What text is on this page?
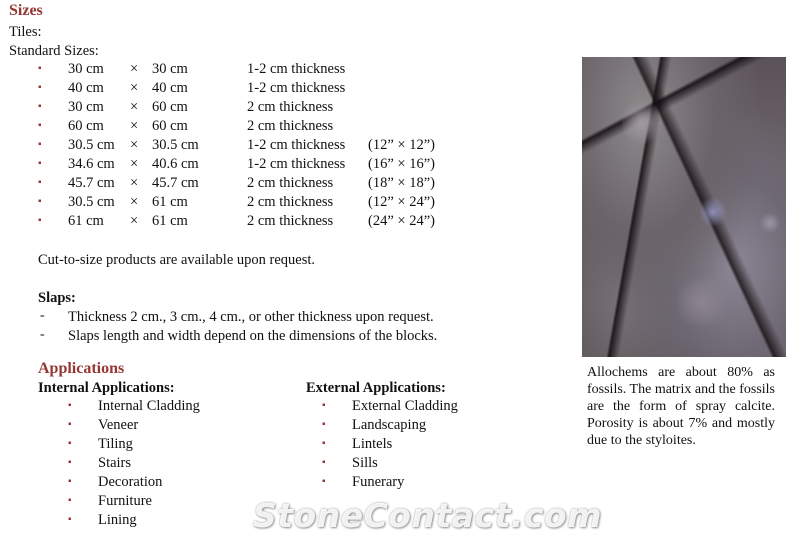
Sizes
Tiles:
Standard Sizes:
▪ 30 cm × 30 cm	1-2 cm thickness
▪ 40 cm × 40 cm	1-2 cm thickness
▪ 30 cm × 60 cm	2 cm thickness
▪ 60 cm × 60 cm	2 cm thickness
▪ 30.5 cm × 30.5 cm	1-2 cm thickness (12” × 12”)
▪ 34.6 cm × 40.6 cm	1-2 cm thickness (16” × 16”)
▪ 45.7 cm × 45.7 cm	2 cm thickness (18” × 18”)
▪ 30.5 cm × 61 cm	2 cm thickness (12” × 24”)
▪ 61 cm × 61 cm	2 cm thickness (24” × 24”)
Cut-to-size products are available upon request.
Slaps:
- Thickness 2 cm., 3 cm., 4 cm., or other thickness upon request.
- Slaps length and width depend on the dimensions of the blocks.
Applications
Internal Applications:	External Applications:
▪ Internal Cladding
▪ Veneer
▪ Tiling
▪ Stairs
▪ Decoration
▪ Furniture
▪ Lining
▪ External Cladding
▪ Landscaping
▪ Lintels
▪ Sills
▪ Funerary
Allochems are about 80% as fossils. The matrix and the fossils are the form of spray calcite. Porosity is about 7% and mostly due to the styloites.
StoneContact.com
